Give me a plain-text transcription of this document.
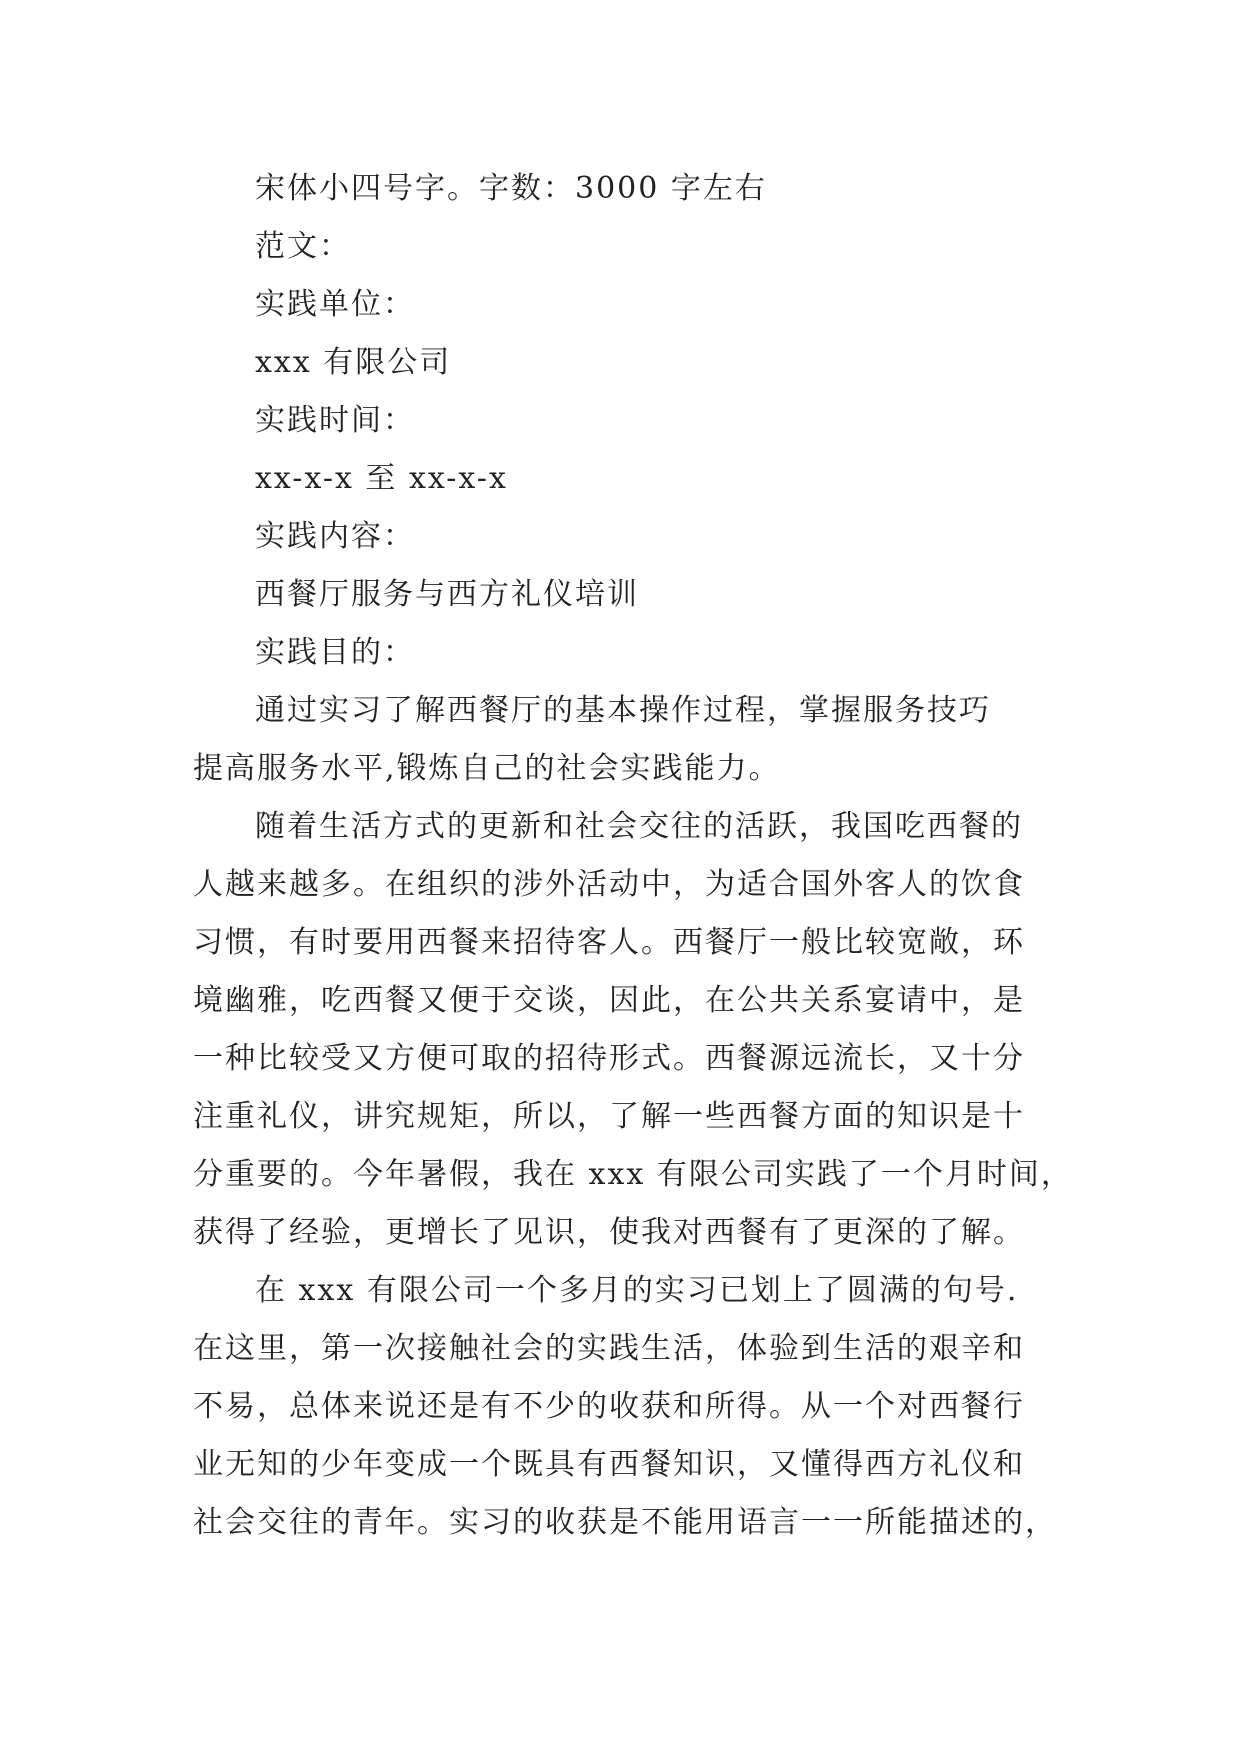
宋体小四号字。字数：3000 字左右
范文：
实践单位：
xxx 有限公司
实践时间：
xx-x-x 至 xx-x-x
实践内容：
西餐厅服务与西方礼仪培训
实践目的：
通过实习了解西餐厅的基本操作过程，掌握服务技巧
提高服务水平,锻炼自己的社会实践能力。
随着生活方式的更新和社会交往的活跃，我国吃西餐的
人越来越多。在组织的涉外活动中，为适合国外客人的饮食
习惯，有时要用西餐来招待客人。西餐厅一般比较宽敞，环
境幽雅，吃西餐又便于交谈，因此，在公共关系宴请中，是
一种比较受又方便可取的招待形式。西餐源远流长，又十分
注重礼仪，讲究规矩，所以，了解一些西餐方面的知识是十
分重要的。今年暑假，我在 xxx 有限公司实践了一个月时间，
获得了经验，更增长了见识，使我对西餐有了更深的了解。
在 xxx 有限公司一个多月的实习已划上了圆满的句号.
在这里，第一次接触社会的实践生活，体验到生活的艰辛和
不易，总体来说还是有不少的收获和所得。从一个对西餐行
业无知的少年变成一个既具有西餐知识，又懂得西方礼仪和
社会交往的青年。实习的收获是不能用语言一一所能描述的，
